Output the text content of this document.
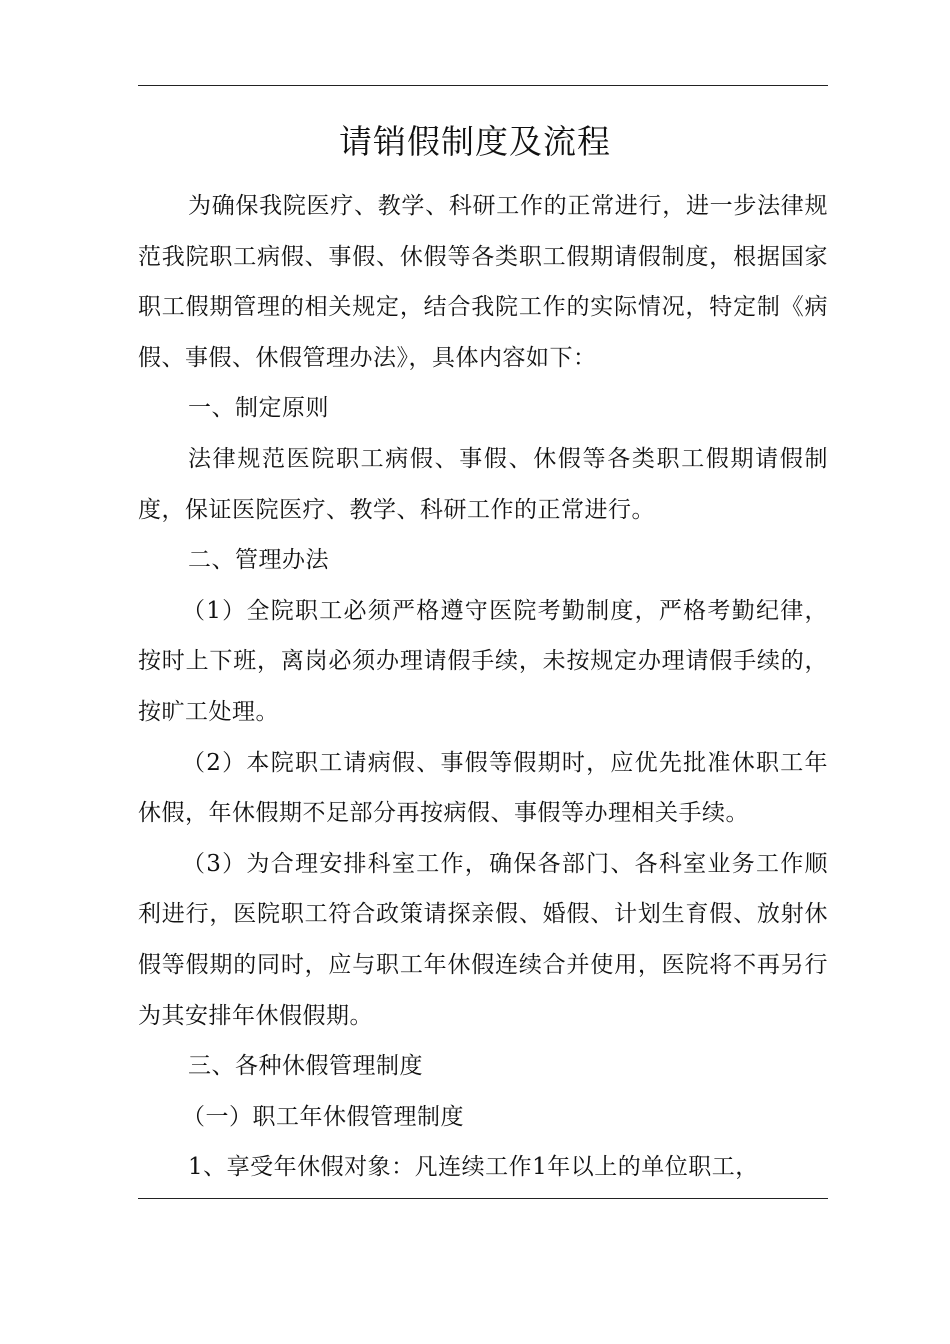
请销假制度及流程

为确保我院医疗、教学、科研工作的正常进行，进一步法律规范我院职工病假、事假、休假等各类职工假期请假制度，根据国家职工假期管理的相关规定，结合我院工作的实际情况，特定制《病假、事假、休假管理办法》，具体内容如下：

一、制定原则

法律规范医院职工病假、事假、休假等各类职工假期请假制度，保证医院医疗、教学、科研工作的正常进行。

二、管理办法

（1）全院职工必须严格遵守医院考勤制度，严格考勤纪律，按时上下班，离岗必须办理请假手续，未按规定办理请假手续的，按旷工处理。

（2）本院职工请病假、事假等假期时，应优先批准休职工年休假，年休假期不足部分再按病假、事假等办理相关手续。

（3）为合理安排科室工作，确保各部门、各科室业务工作顺利进行，医院职工符合政策请探亲假、婚假、计划生育假、放射休假等假期的同时，应与职工年休假连续合并使用，医院将不再另行为其安排年休假假期。

三、各种休假管理制度

（一）职工年休假管理制度

1、享受年休假对象：凡连续工作1年以上的单位职工，
